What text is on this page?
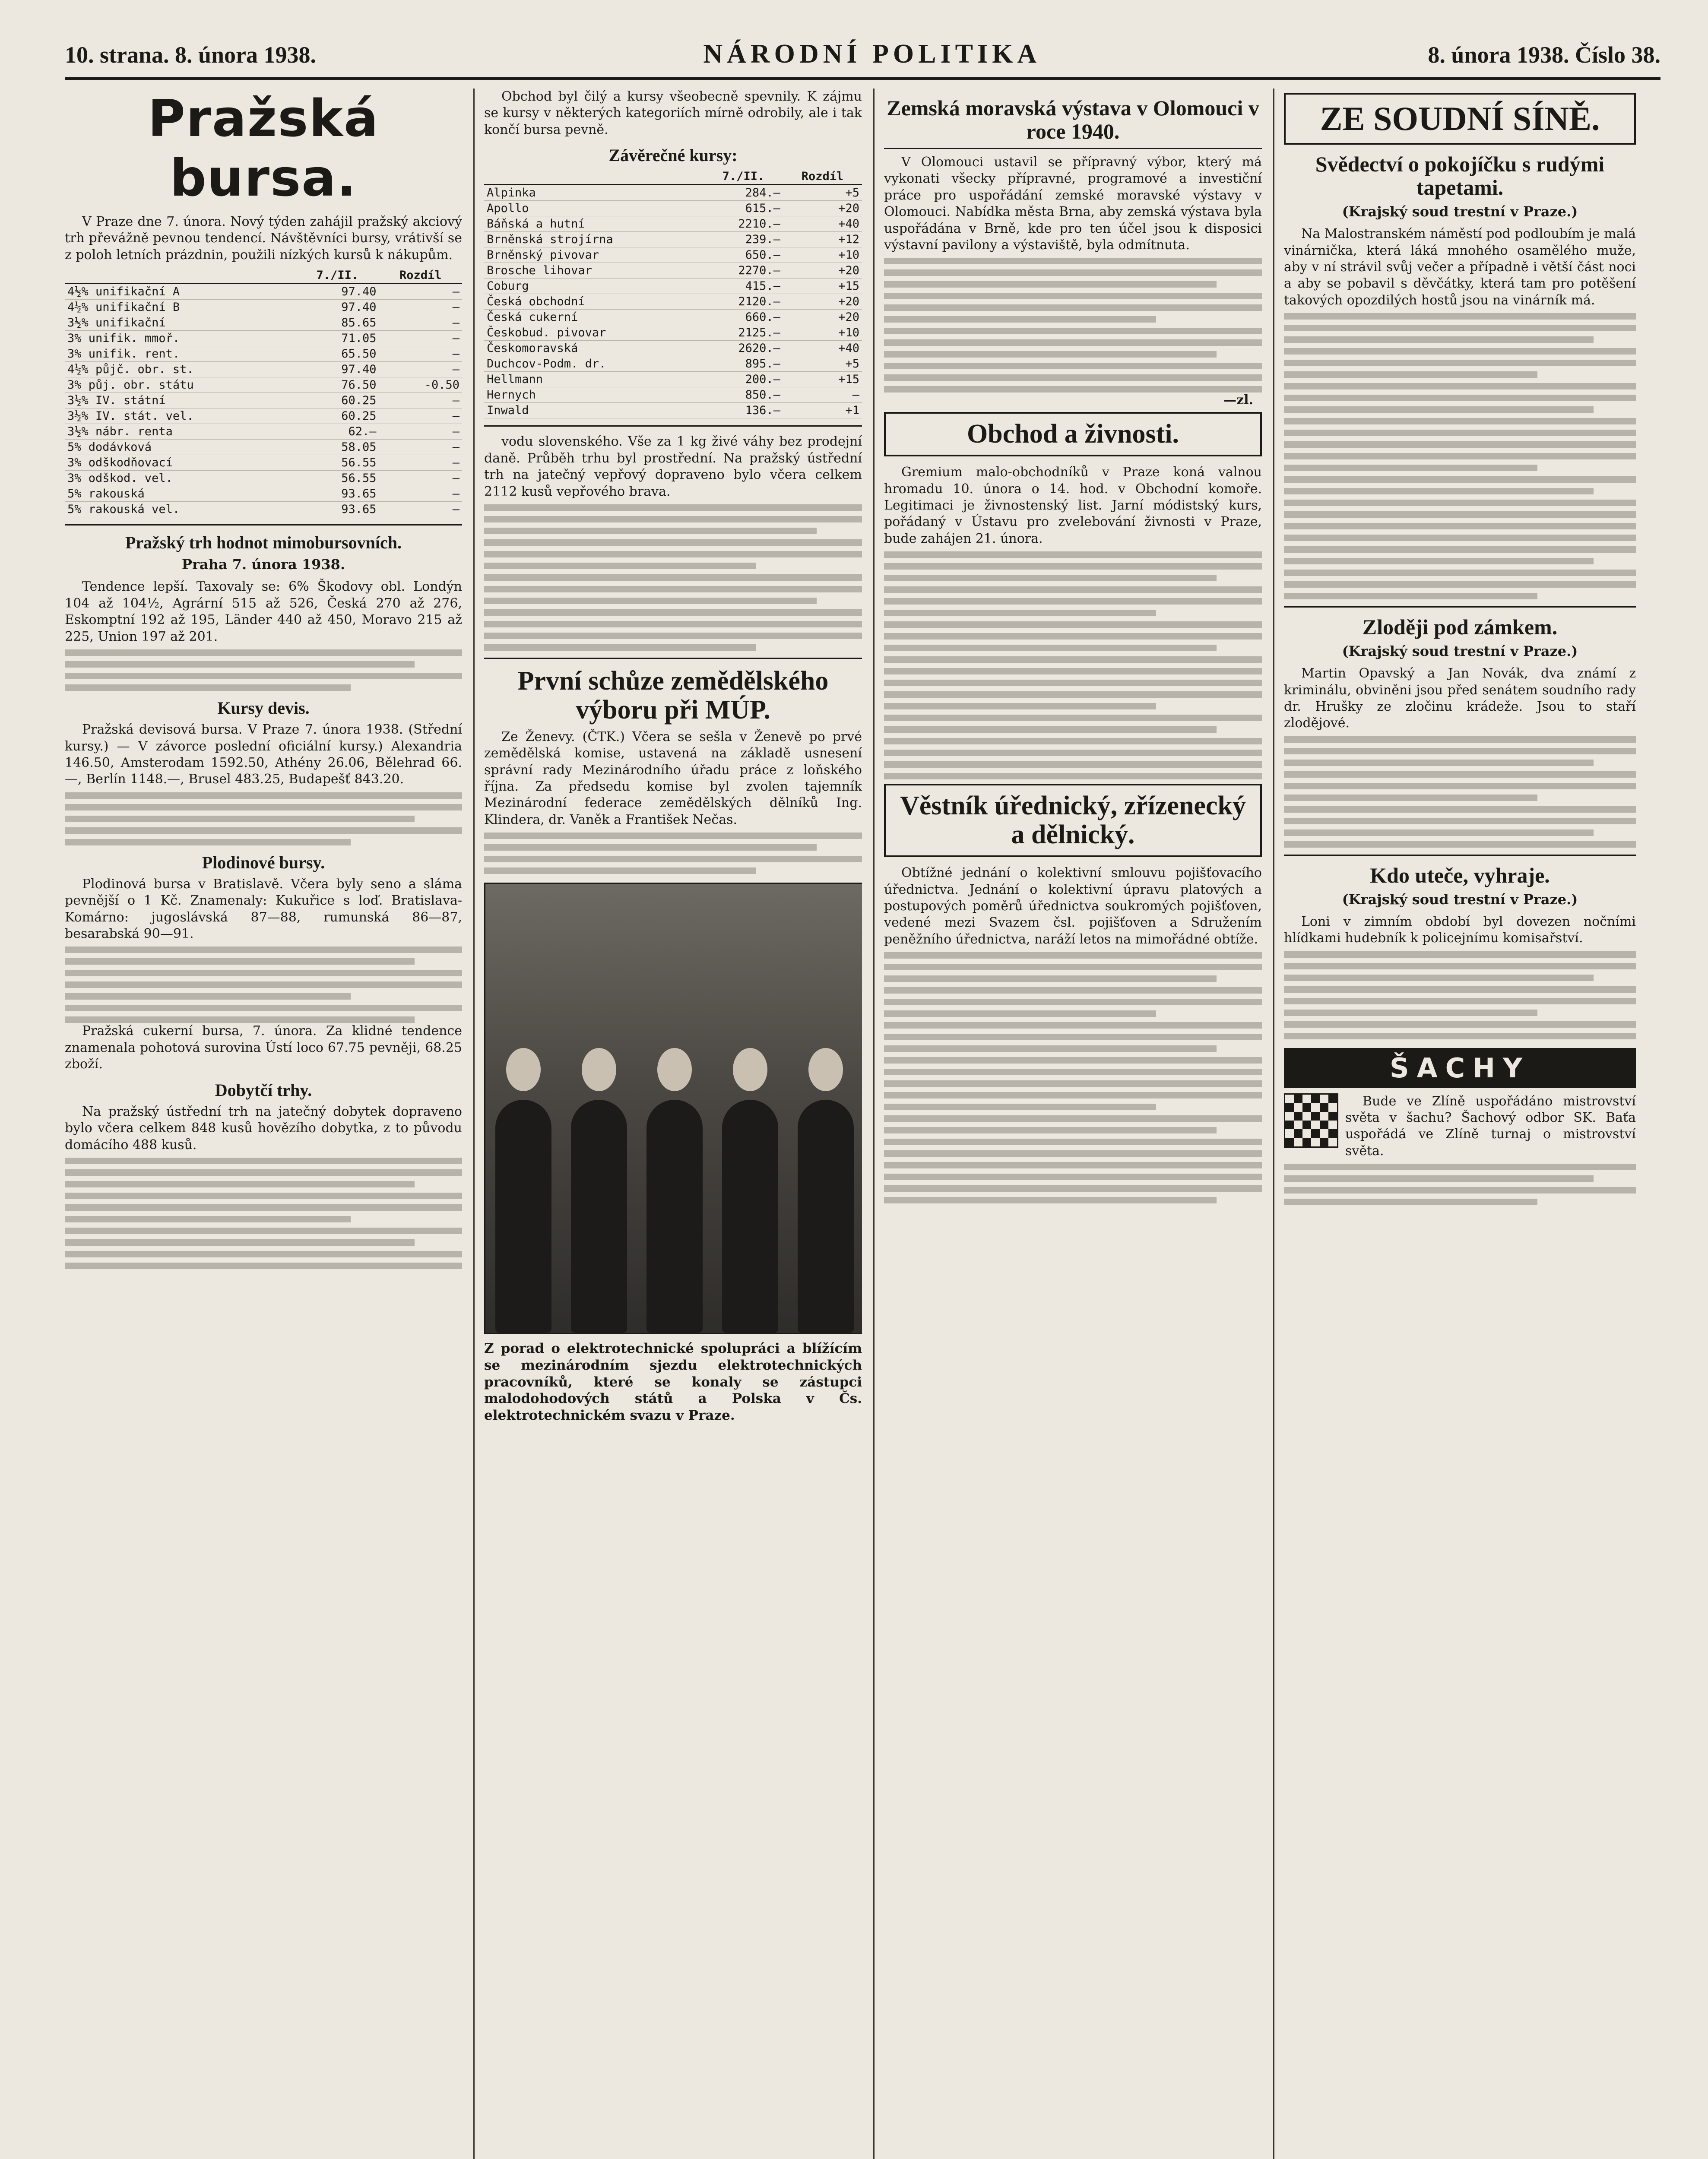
10. strana. 8. února 1938.	NÁRODNÍ POLITIKA	8. února 1938. Číslo 38.
Pražská bursa.

V Praze dne 7. února. Nový týden zahájil pražský akciový trh převážně pevnou tendencí. Návštěvníci bursy, vrátivší se z poloh letních prázdnin, použili nízkých kursů k nákupům.

	7./II.	Rozdíl
4½% unifikační A	97.40	—
4½% unifikační B	97.40	—
3½% unifikační	85.65	—
3% unifik. mmoř.	71.05	—
3% unifik. rent.	65.50	—
4½% půjč. obr. st.	97.40	—
3% půj. obr. státu	76.50	-0.50
3½% IV. státní	60.25	—
3½% IV. stát. vel.	60.25	—
3½% nábr. renta	62.—	—
5% dodávková	58.05	—
3% odškodňovací	56.55	—
3% odškod. vel.	56.55	—
5% rakouská	93.65	—
5% rakouská vel.	93.65	—
Pražský trh hodnot mimobursovních.
Praha 7. února 1938.

Tendence lepší. Taxovaly se: 6% Škodovy obl. Londýn 104 až 104½, Agrární 515 až 526, Česká 270 až 276, Eskomptní 192 až 195, Länder 440 až 450, Moravo 215 až 225, Union 197 až 201.

Kursy devis.

Pražská devisová bursa. V Praze 7. února 1938. (Střední kursy.) — V závorce poslední oficiální kursy.) Alexandria 146.50, Amsterodam 1592.50, Athény 26.06, Bělehrad 66.—, Berlín 1148.—, Brusel 483.25, Budapešť 843.20.

Plodinové bursy.

Plodinová bursa v Bratislavě. Včera byly seno a sláma pevnější o 1 Kč. Znamenaly: Kukuřice s loď. Bratislava-Komárno: jugoslávská 87—88, rumunská 86—87, besarabská 90—91.

Pražská cukerní bursa, 7. února. Za klidné tendence znamenala pohotová surovina Ústí loco 67.75 pevněji, 68.25 zboží.

Dobytčí trhy.

Na pražský ústřední trh na jatečný dobytek dopraveno bylo včera celkem 848 kusů hovězího dobytka, z to původu domácího 488 kusů.

Obchod byl čilý a kursy všeobecně spevnily. K zájmu se kursy v některých kategoriích mírně odrobily, ale i tak končí bursa pevně.

Závěrečné kursy:
	7./II.	Rozdíl
Alpinka	284.—	+5
Apollo	615.—	+20
Báňská a hutní	2210.—	+40
Brněnská strojírna	239.—	+12
Brněnský pivovar	650.—	+10
Brosche lihovar	2270.—	+20
Coburg	415.—	+15
Česká obchodní	2120.—	+20
Česká cukerní	660.—	+20
Českobud. pivovar	2125.—	+10
Českomoravská	2620.—	+40
Duchcov-Podm. dr.	895.—	+5
Hellmann	200.—	+15
Hernych	850.—	—
Inwald	136.—	+1

vodu slovenského. Vše za 1 kg živé váhy bez prodejní daně. Průběh trhu byl prostřední. Na pražský ústřední trh na jatečný vepřový dopraveno bylo včera celkem 2112 kusů vepřového brava.

První schůze zemědělského výboru při MÚP.

Ze Ženevy. (ČTK.) Včera se sešla v Ženevě po prvé zemědělská komise, ustavená na základě usnesení správní rady Mezinárodního úřadu práce z loňského října. Za předsedu komise byl zvolen tajemník Mezinárodní federace zemědělských dělníků Ing. Klindera, dr. Vaněk a František Nečas.

Z porad o elektrotechnické spolupráci a blížícím se mezinárodním sjezdu elektrotechnických pracovníků, které se konaly se zástupci malodohodových států a Polska v Čs. elektrotechnickém svazu v Praze.
Zemská moravská výstava v Olomouci v roce 1940.

V Olomouci ustavil se přípravný výbor, který má vykonati všecky přípravné, programové a investiční práce pro uspořádání zemské moravské výstavy v Olomouci. Nabídka města Brna, aby zemská výstava byla uspořádána v Brně, kde pro ten účel jsou k disposici výstavní pavilony a výstaviště, byla odmítnuta.

—zl.
Obchod a živnosti.

Gremium malo-obchodníků v Praze koná valnou hromadu 10. února o 14. hod. v Obchodní komoře. Legitimaci je živnostenský list. Jarní módistský kurs, pořádaný v Ústavu pro zvelebování živnosti v Praze, bude zahájen 21. února.

Věstník úřednický, zřízenecký a dělnický.

Obtížné jednání o kolektivní smlouvu pojišťovacího úřednictva. Jednání o kolektivní úpravu platových a postupových poměrů úřednictva soukromých pojišťoven, vedené mezi Svazem čsl. pojišťoven a Sdružením peněžního úřednictva, naráží letos na mimořádné obtíže.

ZE SOUDNÍ SÍNĚ.
Svědectví o pokojíčku s rudými tapetami.
(Krajský soud trestní v Praze.)

Na Malostranském náměstí pod podloubím je malá vinárnička, která láká mnohého osamělého muže, aby v ní strávil svůj večer a případně i větší část noci a aby se pobavil s děvčátky, která tam pro potěšení takových opozdilých hostů jsou na vinárník má.

Zloději pod zámkem.
(Krajský soud trestní v Praze.)

Martin Opavský a Jan Novák, dva známí z kriminálu, obviněni jsou před senátem soudního rady dr. Hrušky ze zločinu krádeže. Jsou to staří zlodějové.

Kdo uteče, vyhraje.
(Krajský soud trestní v Praze.)

Loni v zimním období byl dovezen nočními hlídkami hudebník k policejnímu komisařství.

ŠACHY

Bude ve Zlíně uspořádáno mistrovství světa v šachu? Šachový odbor SK. Baťa uspořádá ve Zlíně turnaj o mistrovství světa.
